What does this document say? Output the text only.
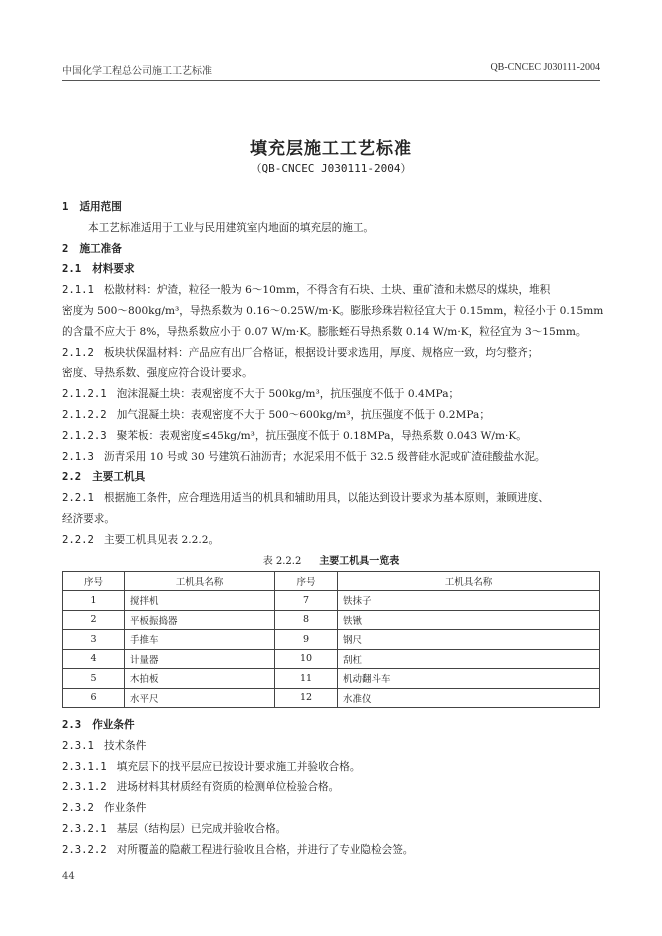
中国化学工程总公司施工工艺标准	QB-CNCEC J030111-2004
填充层施工工艺标准
（QB-CNCEC J030111-2004）
1 适用范围
本工艺标准适用于工业与民用建筑室内地面的填充层的施工。
2 施工准备
2.1 材料要求
2.1.1 松散材料：炉渣，粒径一般为 6～10mm，不得含有石块、土块、重矿渣和未燃尽的煤块，堆积
密度为 500～800kg/m³，导热系数为 0.16～0.25W/m·K。膨胀珍珠岩粒径宜大于 0.15mm，粒径小于 0.15mm
的含量不应大于 8%，导热系数应小于 0.07 W/m·K。膨胀蛭石导热系数 0.14 W/m·K，粒径宜为 3～15mm。
2.1.2 板块状保温材料：产品应有出厂合格证，根据设计要求选用，厚度、规格应一致，均匀整齐；
密度、导热系数、强度应符合设计要求。
2.1.2.1 泡沫混凝土块：表观密度不大于 500kg/m³，抗压强度不低于 0.4MPa；
2.1.2.2 加气混凝土块：表观密度不大于 500～600kg/m³，抗压强度不低于 0.2MPa；
2.1.2.3 聚苯板：表观密度≤45kg/m³，抗压强度不低于 0.18MPa，导热系数 0.043 W/m·K。
2.1.3 沥青采用 10 号或 30 号建筑石油沥青；水泥采用不低于 32.5 级普硅水泥或矿渣硅酸盐水泥。
2.2 主要工机具
2.2.1 根据施工条件，应合理选用适当的机具和辅助用具，以能达到设计要求为基本原则，兼顾进度、
经济要求。
2.2.2 主要工机具见表 2.2.2。
表 2.2.2 主要工机具一览表
序号	工机具名称	序号	工机具名称
1	搅拌机	7	铁抹子
2	平板振捣器	8	铁锹
3	手推车	9	钢尺
4	计量器	10	刮杠
5	木拍板	11	机动翻斗车
6	水平尺	12	水准仪
2.3 作业条件
2.3.1 技术条件
2.3.1.1 填充层下的找平层应已按设计要求施工并验收合格。
2.3.1.2 进场材料其材质经有资质的检测单位检验合格。
2.3.2 作业条件
2.3.2.1 基层（结构层）已完成并验收合格。
2.3.2.2 对所覆盖的隐蔽工程进行验收且合格，并进行了专业隐检会签。
44
